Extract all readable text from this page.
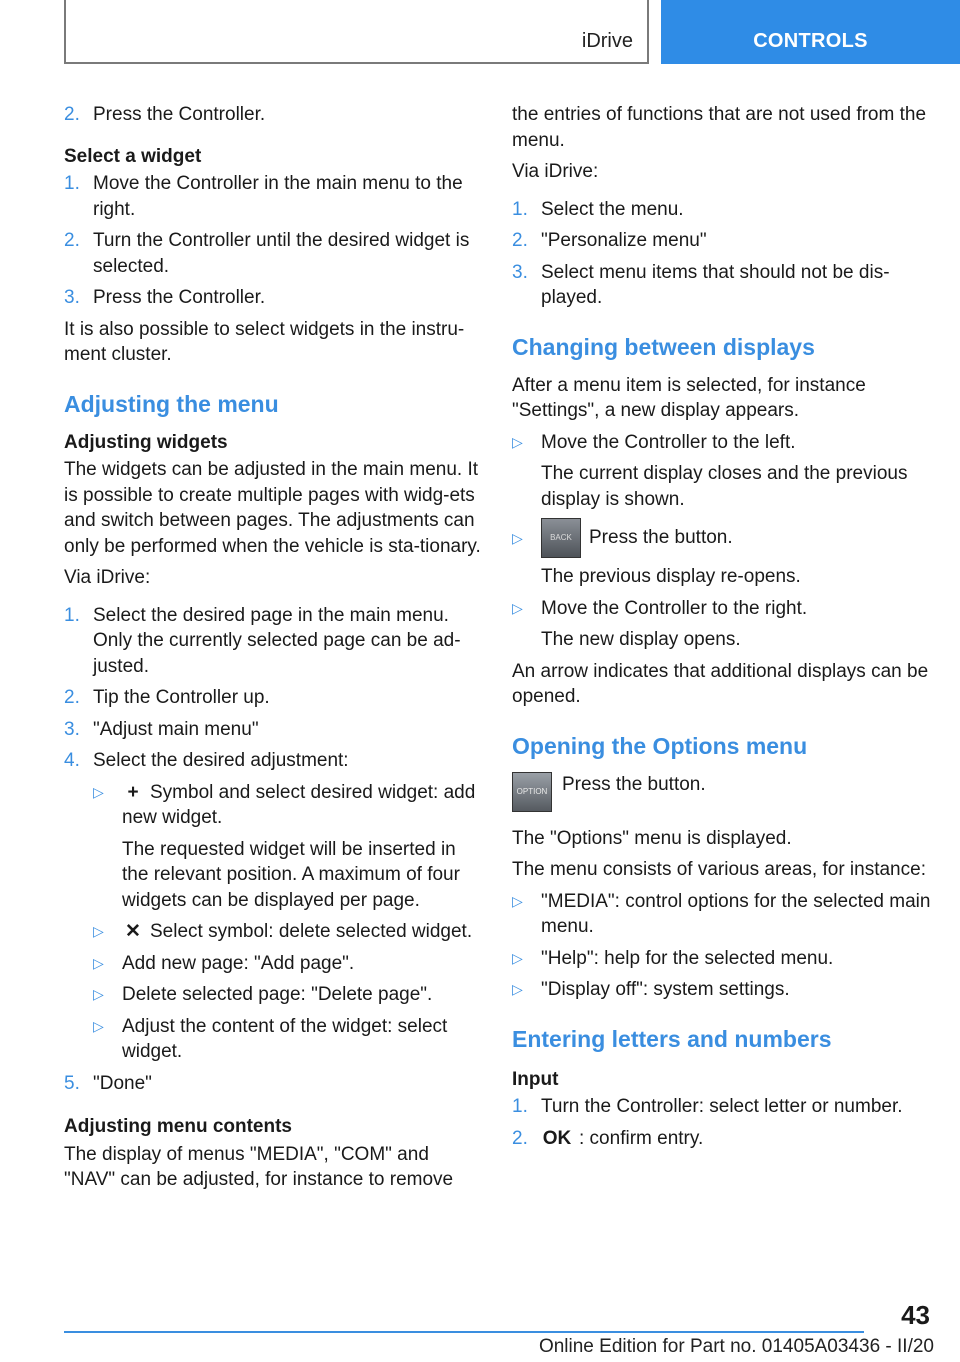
iDrive	CONTROLS
2. Press the Controller.
Select a widget
1. Move the Controller in the main menu to the right.
2. Turn the Controller until the desired widget is selected.
3. Press the Controller.

It is also possible to select widgets in the instru-ment cluster.

Adjusting the menu
Adjusting widgets

The widgets can be adjusted in the main menu. It is possible to create multiple pages with widg-ets and switch between pages. The adjustments can only be performed when the vehicle is sta-tionary.

Via iDrive:

1. Select the desired page in the main menu. Only the currently selected page can be ad-justed.
2. Tip the Controller up.
3. "Adjust main menu"
4. Select the desired adjustment:
▷	+ Symbol and select desired widget: add new widget.
The requested widget will be inserted in the relevant position. A maximum of four widgets can be displayed per page.
▷	✕ Select symbol: delete selected widget.
▷ Add new page: "Add page".
▷ Delete selected page: "Delete page".
▷ Adjust the content of the widget: select widget.
5. "Done"
Adjusting menu contents

The display of menus "MEDIA", "COM" and "NAV" can be adjusted, for instance to remove

the entries of functions that are not used from the menu.

Via iDrive:

1. Select the menu.
2. "Personalize menu"
3. Select menu items that should not be dis-played.
Changing between displays

After a menu item is selected, for instance "Settings", a new display appears.

▷ Move the Controller to the left.
The current display closes and the previous display is shown.
▷	BACK Press the button.
The previous display re-opens.
▷ Move the Controller to the right.
The new display opens.

An arrow indicates that additional displays can be opened.

Opening the Options menu

OPTION Press the button.

The "Options" menu is displayed.

The menu consists of various areas, for instance:

▷ "MEDIA": control options for the selected main menu.
▷ "Help": help for the selected menu.
▷ "Display off": system settings.
Entering letters and numbers
Input
1. Turn the Controller: select letter or number.
2. OK : confirm entry.
43
Online Edition for Part no. 01405A03436 - II/20
